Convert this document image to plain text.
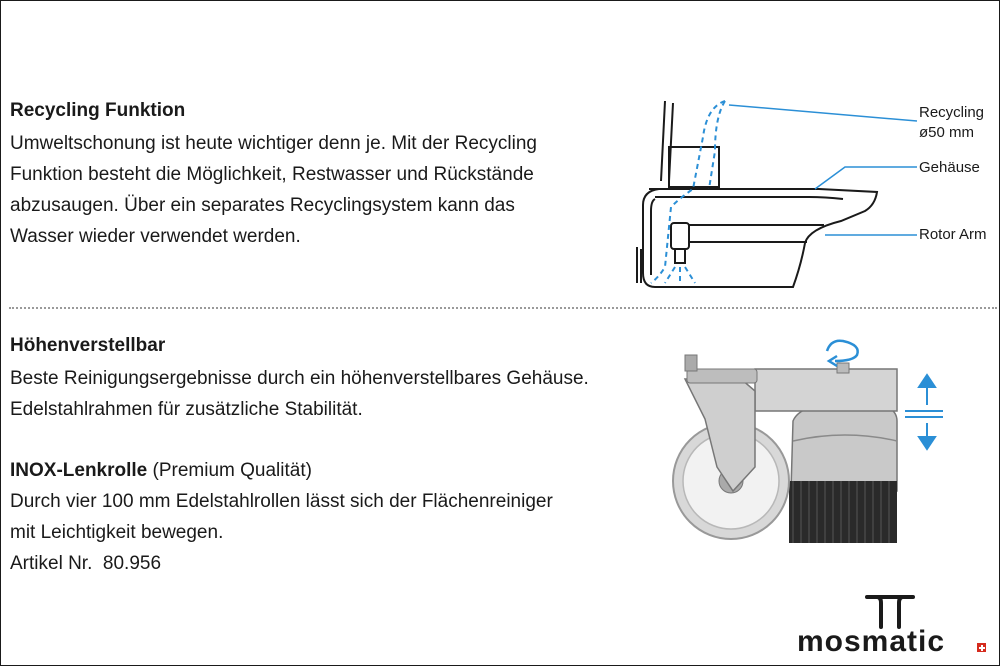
Recycling Funktion
Umweltschonung ist heute wichtiger denn je. Mit der Recycling
Funktion besteht die Möglichkeit, Restwasser und Rückstände
abzusaugen. Über ein separates Recyclingsystem kann das
Wasser wieder verwendet werden.
Recycling
ø50 mm
Gehäuse
Rotor Arm
Höhenverstellbar
Beste Reinigungsergebnisse durch ein höhenverstellbares Gehäuse.
Edelstahlrahmen für zusätzliche Stabilität.
INOX-Lenkrolle (Premium Qualität)
Durch vier 100 mm Edelstahlrollen lässt sich der Flächenreiniger
mit Leichtigkeit bewegen.
Artikel Nr. 80.956
mosmatic
